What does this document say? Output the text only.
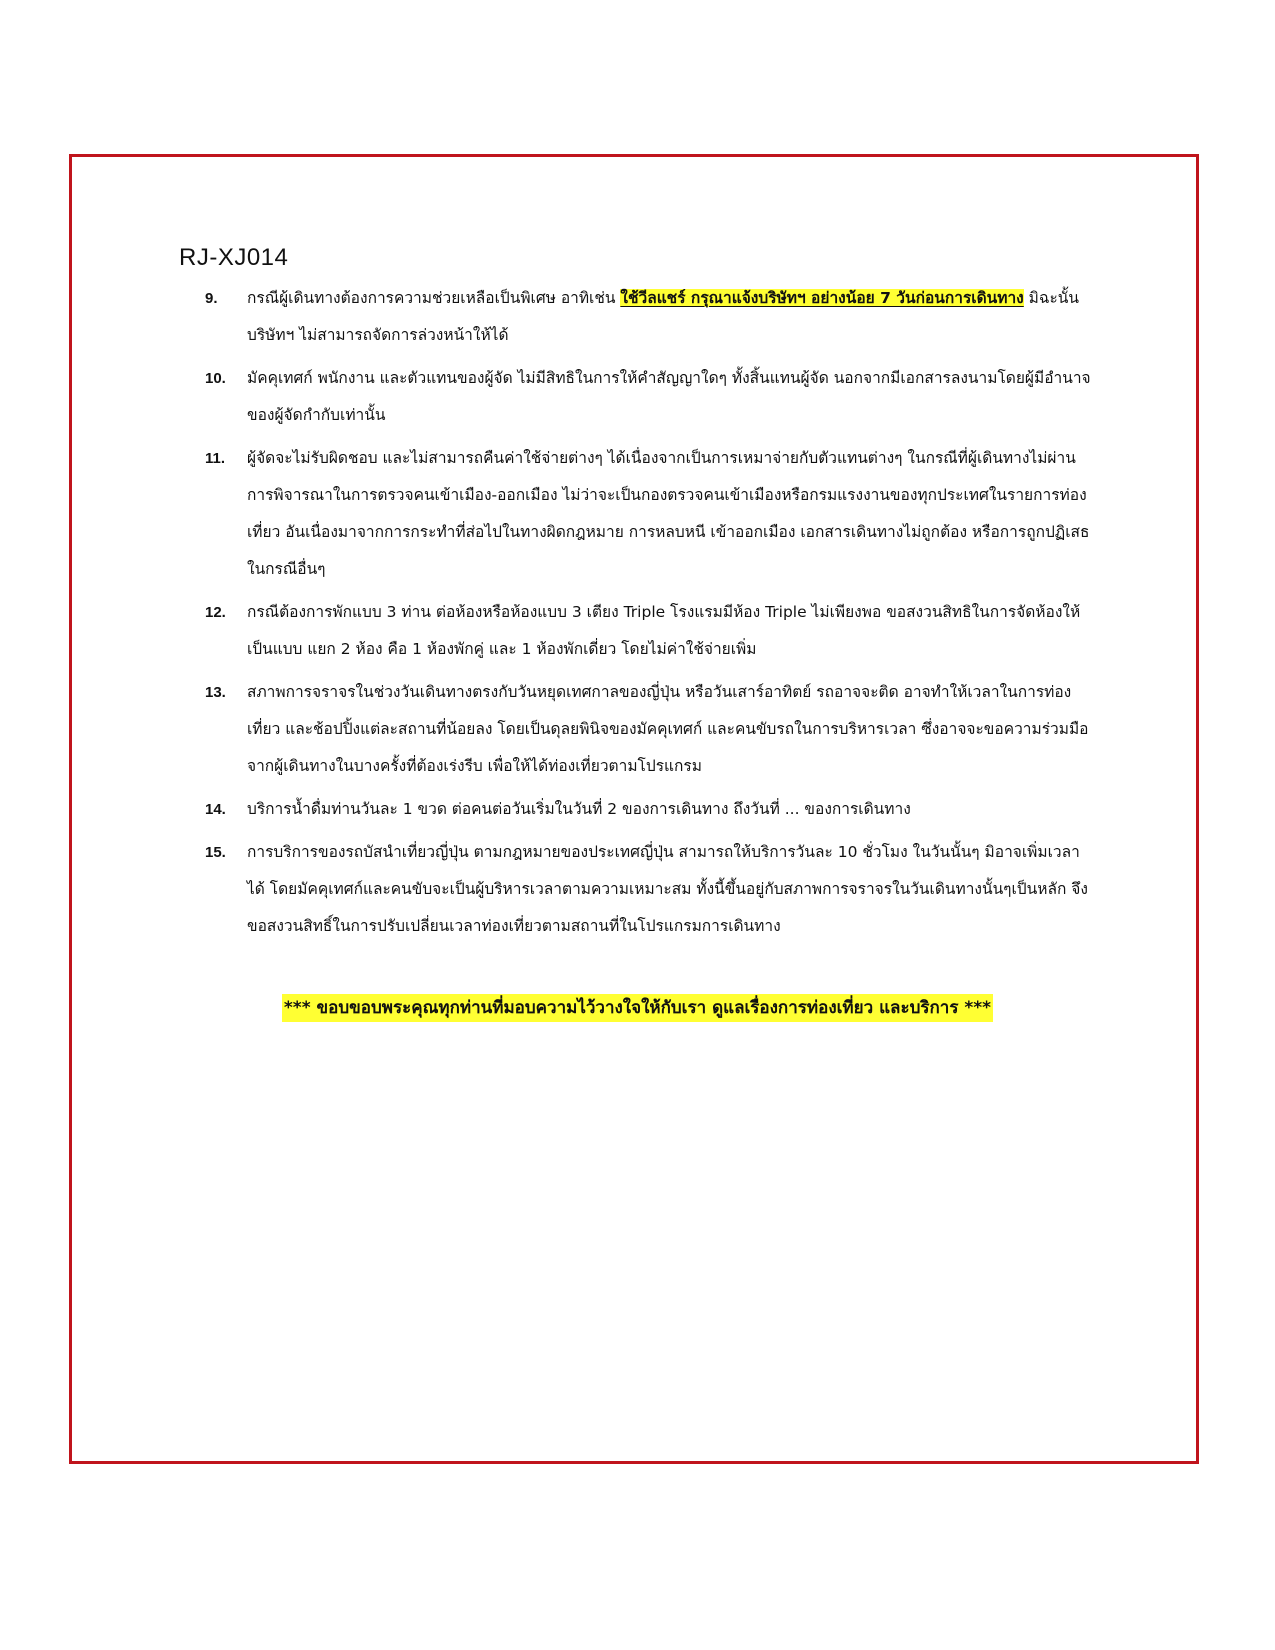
RJ-XJ014
9.	กรณีผู้เดินทางต้องการความช่วยเหลือเป็นพิเศษ อาทิเช่น ใช้วีลแชร์ กรุณาแจ้งบริษัทฯ อย่างน้อย 7 วันก่อนการเดินทาง มิฉะนั้นบริษัทฯ ไม่สามารถจัดการล่วงหน้าให้ได้
10.	มัคคุเทศก์ พนักงาน และตัวแทนของผู้จัด ไม่มีสิทธิในการให้คำสัญญาใดๆ ทั้งสิ้นแทนผู้จัด นอกจากมีเอกสารลงนามโดยผู้มีอำนาจของผู้จัดกำกับเท่านั้น
11.	ผู้จัดจะไม่รับผิดชอบ และไม่สามารถคืนค่าใช้จ่ายต่างๆ ได้เนื่องจากเป็นการเหมาจ่ายกับตัวแทนต่างๆ ในกรณีที่ผู้เดินทางไม่ผ่านการพิจารณาในการตรวจคนเข้าเมือง-ออกเมือง ไม่ว่าจะเป็นกองตรวจคนเข้าเมืองหรือกรมแรงงานของทุกประเทศในรายการท่องเที่ยว อันเนื่องมาจากการกระทำที่ส่อไปในทางผิดกฎหมาย การหลบหนี เข้าออกเมือง เอกสารเดินทางไม่ถูกต้อง หรือการถูกปฏิเสธในกรณีอื่นๆ
12.	กรณีต้องการพักแบบ 3 ท่าน ต่อห้องหรือห้องแบบ 3 เตียง Triple โรงแรมมีห้อง Triple ไม่เพียงพอ ขอสงวนสิทธิในการจัดห้องให้เป็นแบบ แยก 2 ห้อง คือ 1 ห้องพักคู่ และ 1 ห้องพักเดี่ยว โดยไม่ค่าใช้จ่ายเพิ่ม
13.	สภาพการจราจรในช่วงวันเดินทางตรงกับวันหยุดเทศกาลของญี่ปุ่น หรือวันเสาร์อาทิตย์ รถอาจจะติด อาจทำให้เวลาในการท่องเที่ยว และช้อปปิ้งแต่ละสถานที่น้อยลง โดยเป็นดุลยพินิจของมัคคุเทศก์ และคนขับรถในการบริหารเวลา ซึ่งอาจจะขอความร่วมมือจากผู้เดินทางในบางครั้งที่ต้องเร่งรีบ เพื่อให้ได้ท่องเที่ยวตามโปรแกรม
14.	บริการน้ำดื่มท่านวันละ 1 ขวด ต่อคนต่อวันเริ่มในวันที่ 2 ของการเดินทาง ถึงวันที่ ... ของการเดินทาง
15.	การบริการของรถบัสนำเที่ยวญี่ปุ่น ตามกฎหมายของประเทศญี่ปุ่น สามารถให้บริการวันละ 10 ชั่วโมง ในวันนั้นๆ มิอาจเพิ่มเวลาได้ โดยมัคคุเทศก์และคนขับจะเป็นผู้บริหารเวลาตามความเหมาะสม ทั้งนี้ขึ้นอยู่กับสภาพการจราจรในวันเดินทางนั้นๆเป็นหลัก จึงขอสงวนสิทธิ์ในการปรับเปลี่ยนเวลาท่องเที่ยวตามสถานที่ในโปรแกรมการเดินทาง

*** ขอบขอบพระคุณทุกท่านที่มอบความไว้วางใจให้กับเรา ดูแลเรื่องการท่องเที่ยว และบริการ ***
